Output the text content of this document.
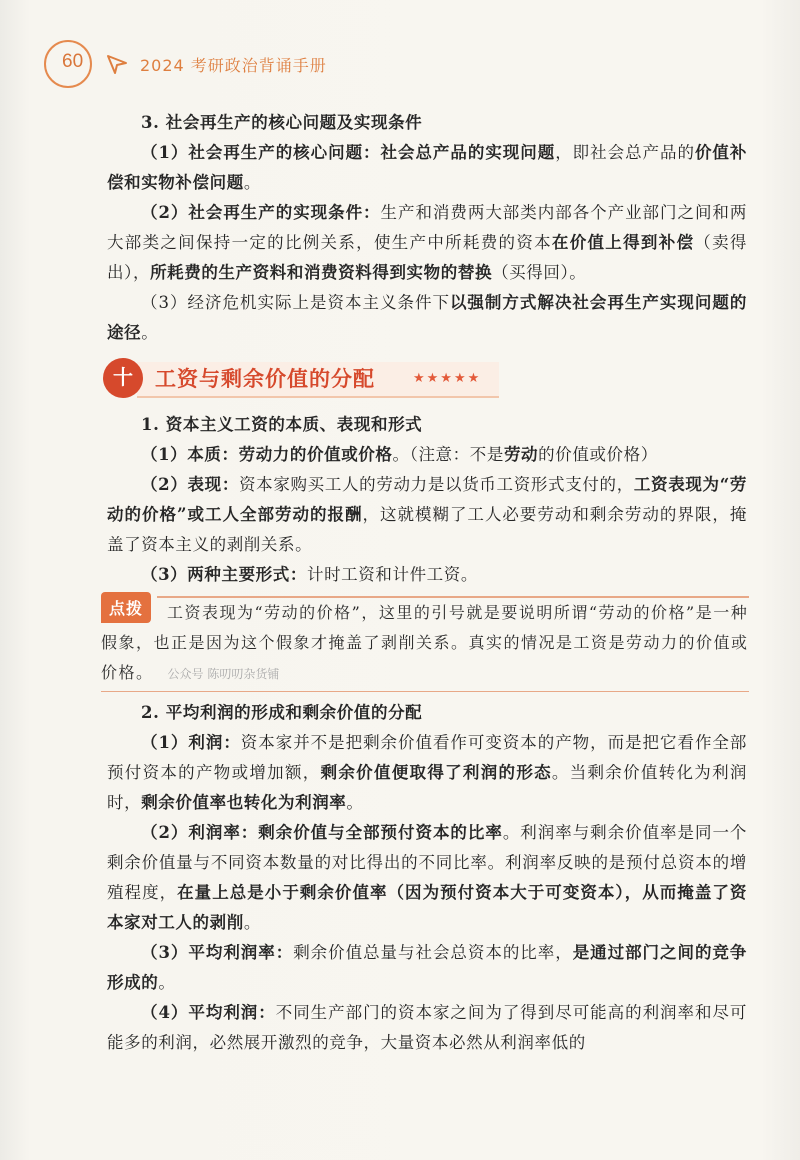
60	2024 考研政治背诵手册

3. 社会再生产的核心问题及实现条件

（1）社会再生产的核心问题：社会总产品的实现问题，即社会总产品的价值补偿和实物补偿问题。

（2）社会再生产的实现条件：生产和消费两大部类内部各个产业部门之间和两大部类之间保持一定的比例关系，使生产中所耗费的资本在价值上得到补偿（卖得出），所耗费的生产资料和消费资料得到实物的替换（买得回）。

（3）经济危机实际上是资本主义条件下以强制方式解决社会再生产实现问题的途径。

十	工资与剩余价值的分配	★★★★★

1. 资本主义工资的本质、表现和形式

（1）本质：劳动力的价值或价格。（注意：不是劳动的价值或价格）

（2）表现：资本家购买工人的劳动力是以货币工资形式支付的，工资表现为“劳动的价格”或工人全部劳动的报酬，这就模糊了工人必要劳动和剩余劳动的界限，掩盖了资本主义的剥削关系。

（3）两种主要形式：计时工资和计件工资。

点拨	工资表现为“劳动的价格”，这里的引号就是要说明所谓“劳动的价格”是一种假象，也正是因为这个假象才掩盖了剥削关系。真实的情况是工资是劳动力的价值或价格。 公众号 陈叨叨杂货铺

2. 平均利润的形成和剩余价值的分配

（1）利润：资本家并不是把剩余价值看作可变资本的产物，而是把它看作全部预付资本的产物或增加额，剩余价值便取得了利润的形态。当剩余价值转化为利润时，剩余价值率也转化为利润率。

（2）利润率：剩余价值与全部预付资本的比率。利润率与剩余价值率是同一个剩余价值量与不同资本数量的对比得出的不同比率。利润率反映的是预付总资本的增殖程度，在量上总是小于剩余价值率（因为预付资本大于可变资本），从而掩盖了资本家对工人的剥削。

（3）平均利润率：剩余价值总量与社会总资本的比率，是通过部门之间的竞争形成的。

（4）平均利润：不同生产部门的资本家之间为了得到尽可能高的利润率和尽可能多的利润，必然展开激烈的竞争，大量资本必然从利润率低的
